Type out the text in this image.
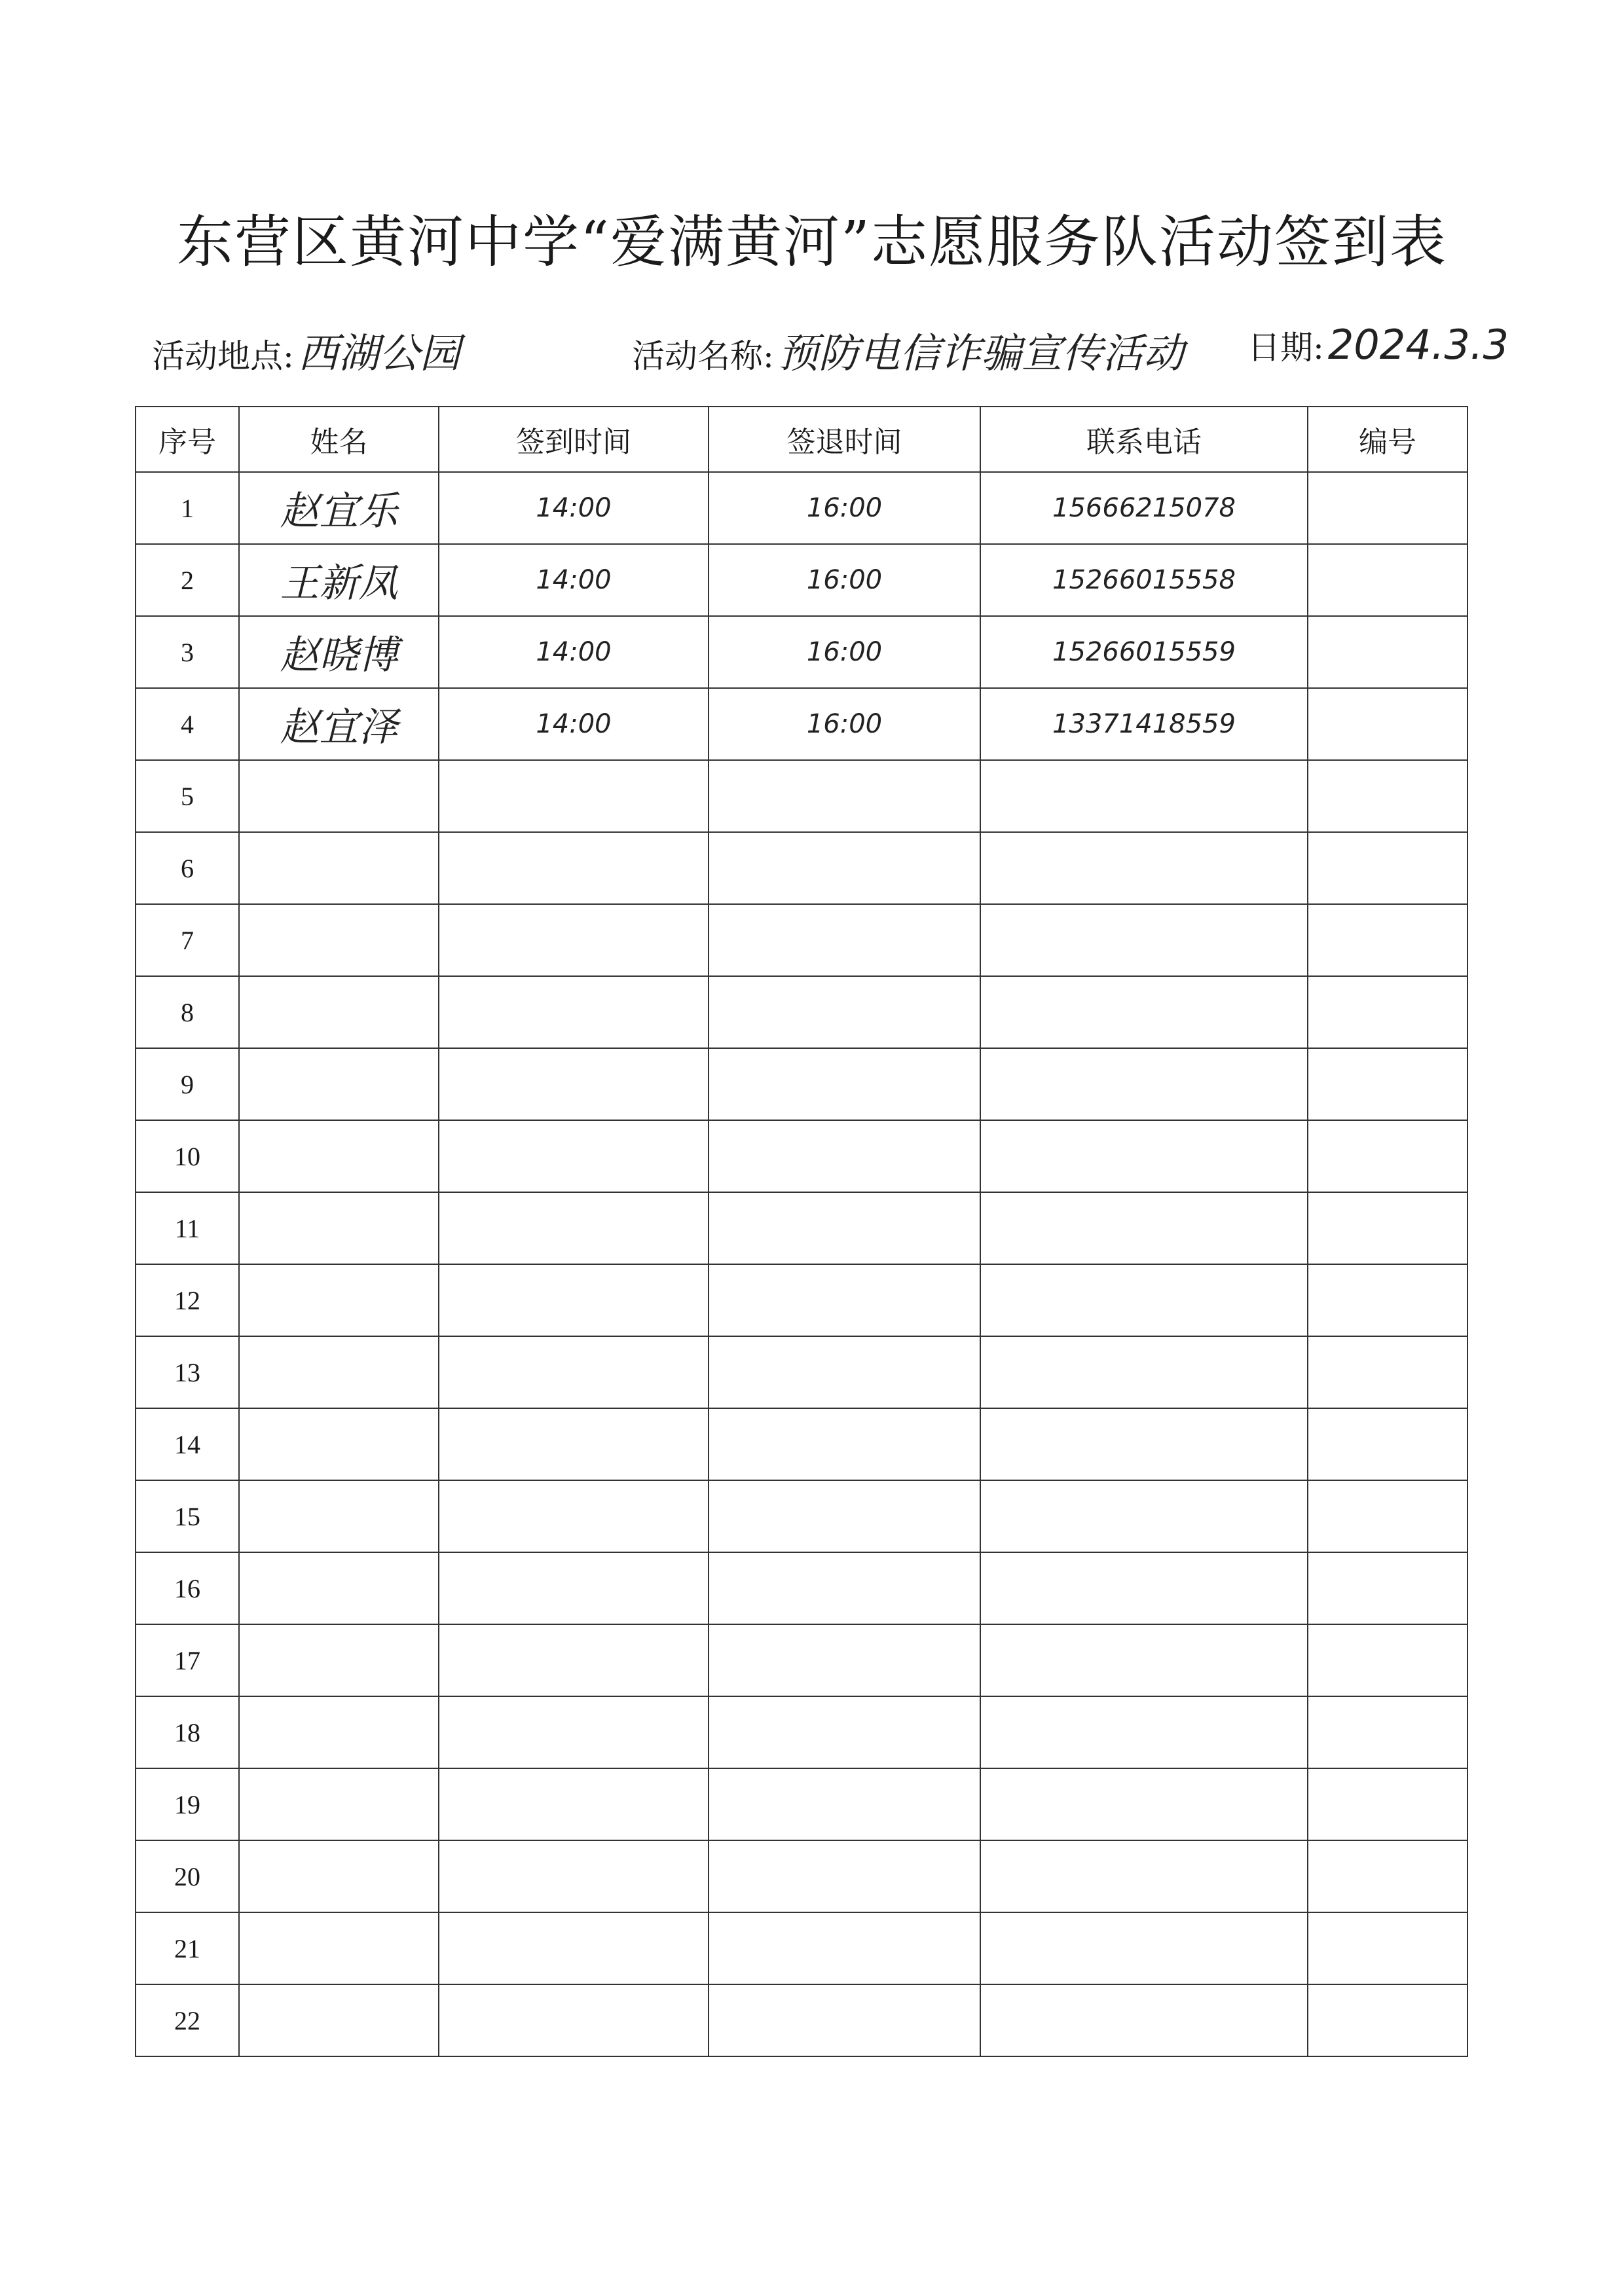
东营区黄河中学“爱满黄河”志愿服务队活动签到表
活动地点:西湖公园	活动名称:预防电信诈骗宣传活动 日期:2024.3.3
序号	姓名	签到时间	签退时间	联系电话	编号
1	赵宜乐	14:00	16:00	15666215078	
2	王新凤	14:00	16:00	15266015558	
3	赵晓博	14:00	16:00	15266015559	
4	赵宜泽	14:00	16:00	13371418559	
5					
6					
7					
8					
9					
10					
11					
12					
13					
14					
15					
16					
17					
18					
19					
20					
21					
22					
